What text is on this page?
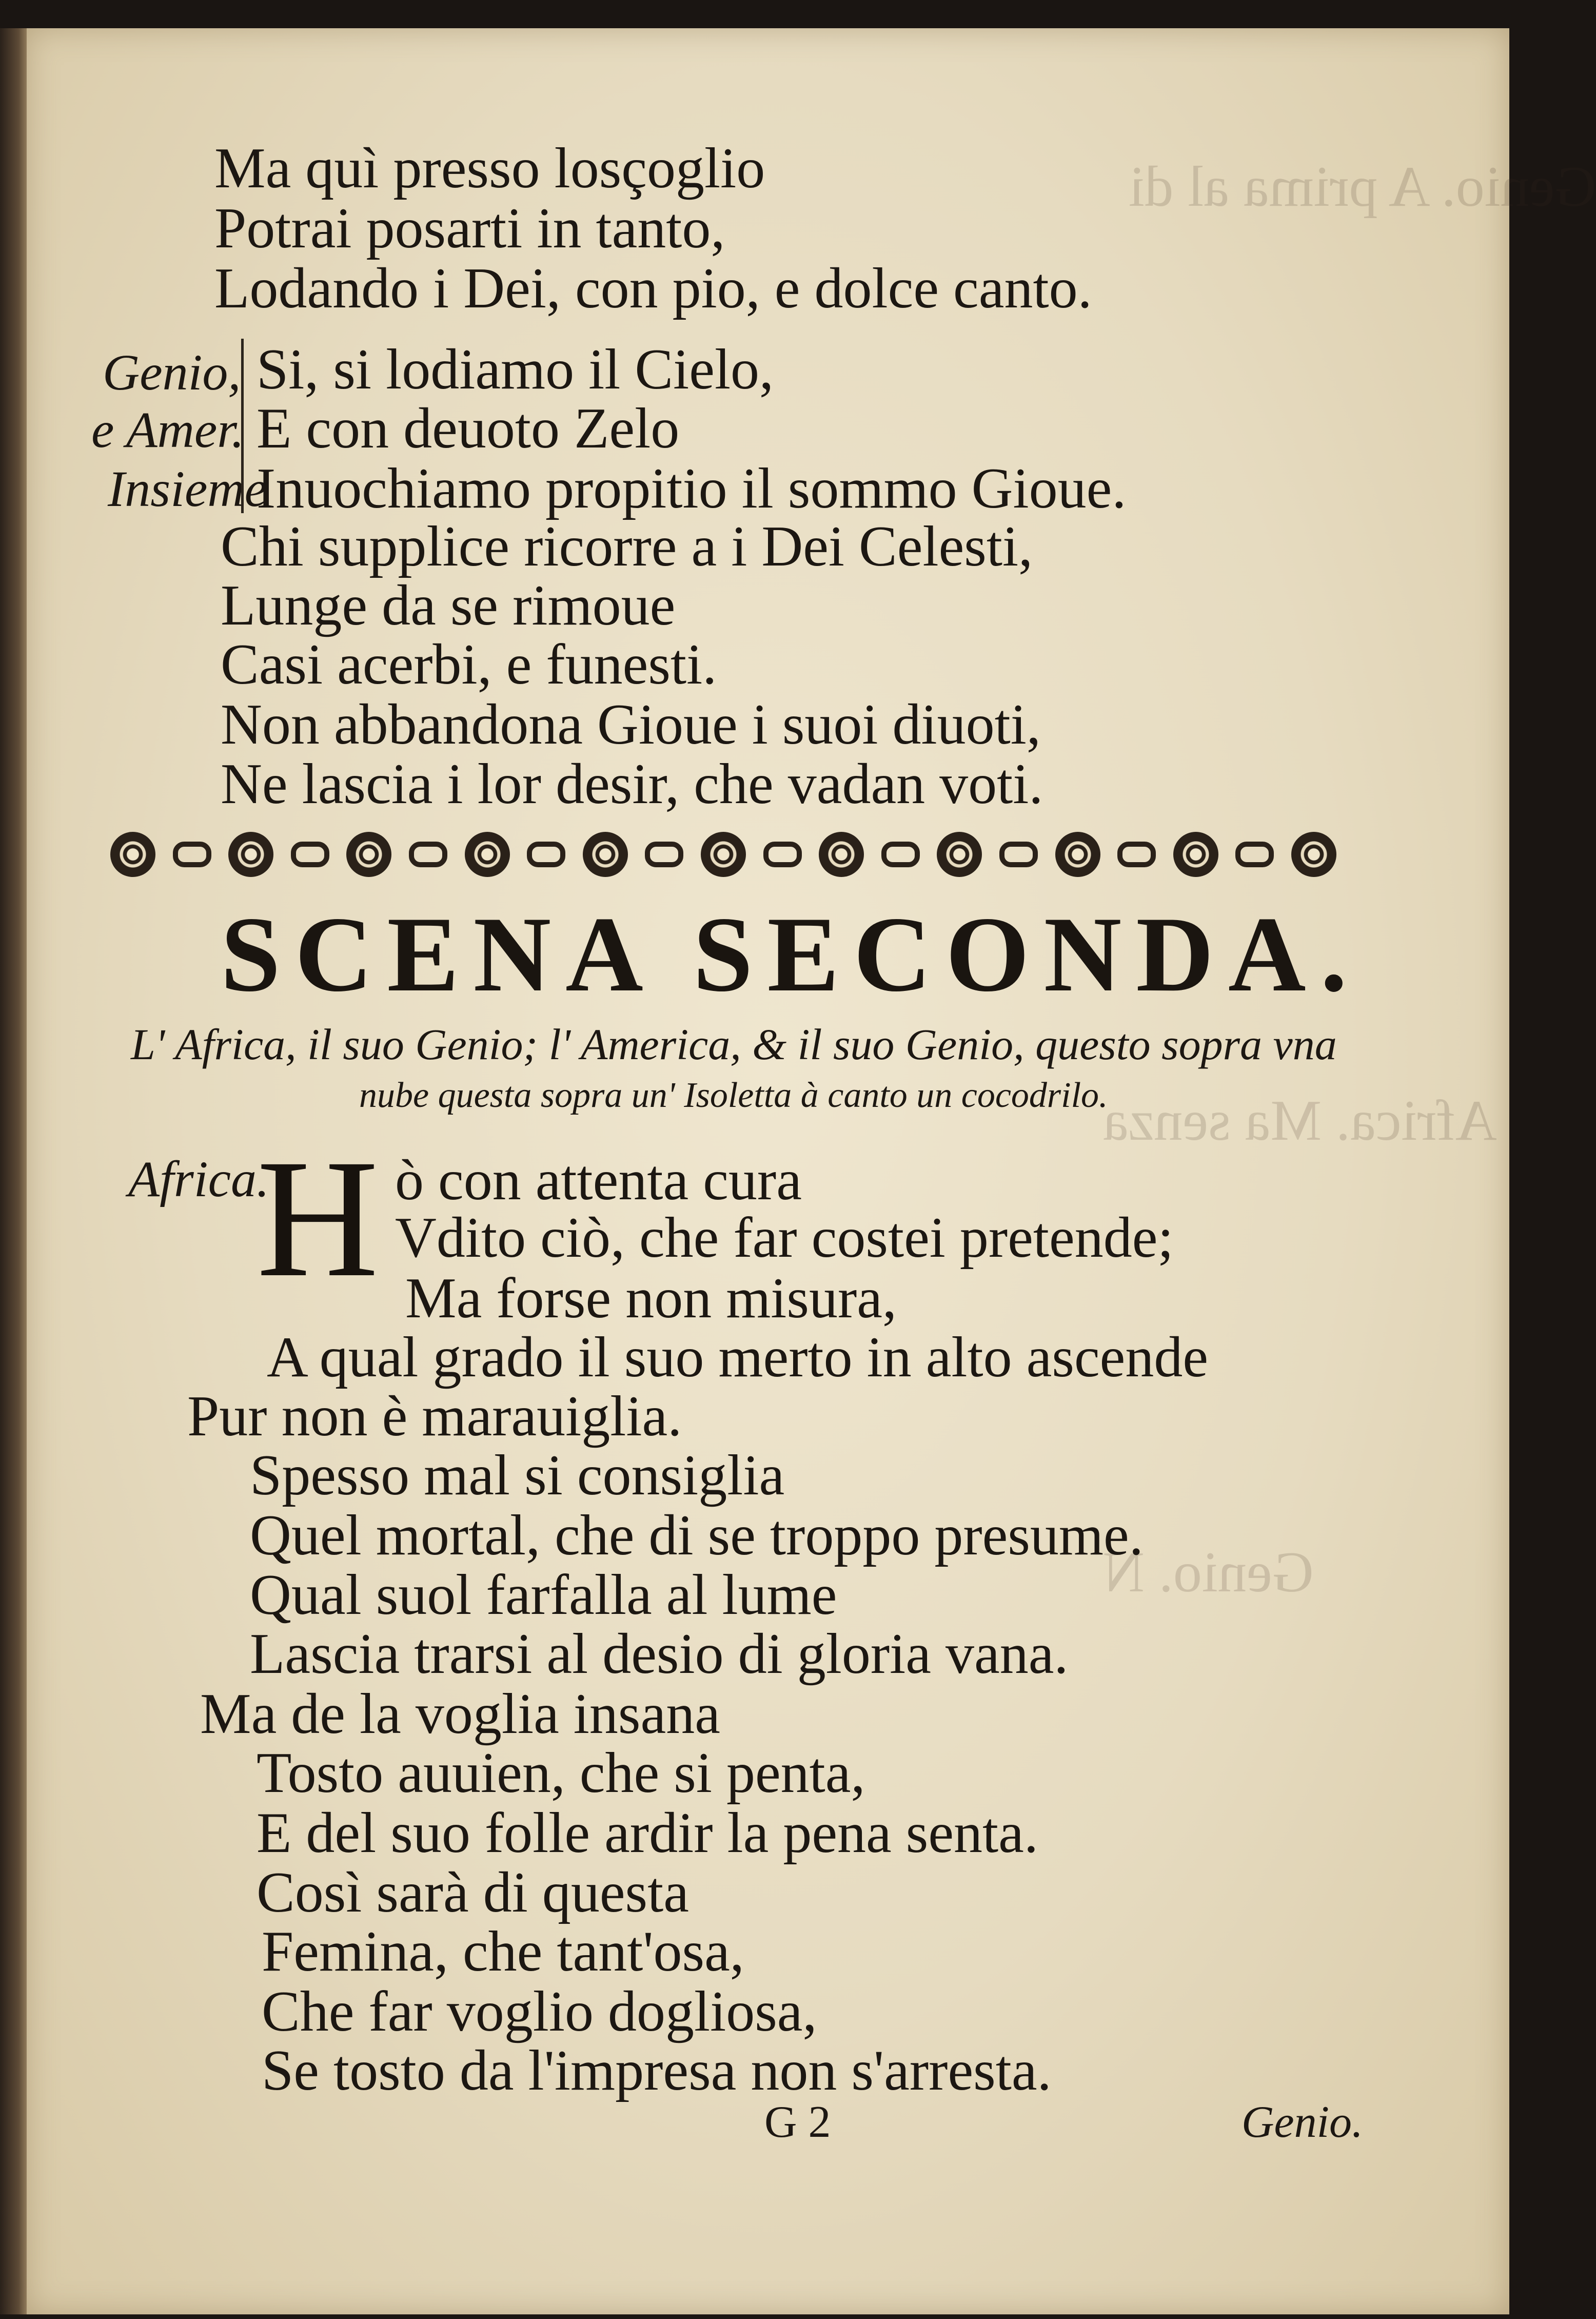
Genio. A prima al di
Africa. Ma senza
Genio. N
Ma quì presso losçoglio
Potrai posarti in tanto,
Lodando i Dei, con pio, e dolce canto.
Genio,
e Amer.
Insieme
Si, si lodiamo il Cielo,
E con deuoto Zelo
Inuochiamo propitio il sommo Gioue.
Chi supplice ricorre a i Dei Celesti,
Lunge da se rimoue
Casi acerbi, e funesti.
Non abbandona Gioue i suoi diuoti,
Ne lascia i lor desir, che vadan voti.
SCENA SECONDA.
L' Africa, il suo Genio; l' America, & il suo Genio, questo sopra vna
nube questa sopra un' Isoletta à canto un cocodrilo.
Africa.
H ò con attenta cura
Vdito ciò, che far costei pretende;
Ma forse non misura,
A qual grado il suo merto in alto ascende
Pur non è marauiglia.
Spesso mal si consiglia
Quel mortal, che di se troppo presume.
Qual suol farfalla al lume
Lascia trarsi al desio di gloria vana.
Ma de la voglia insana
Tosto auuien, che si penta,
E del suo folle ardir la pena senta.
Così sarà di questa
Femina, che tant'osa,
Che far voglio dogliosa,
Se tosto da l'impresa non s'arresta.
G 2	Genio.
